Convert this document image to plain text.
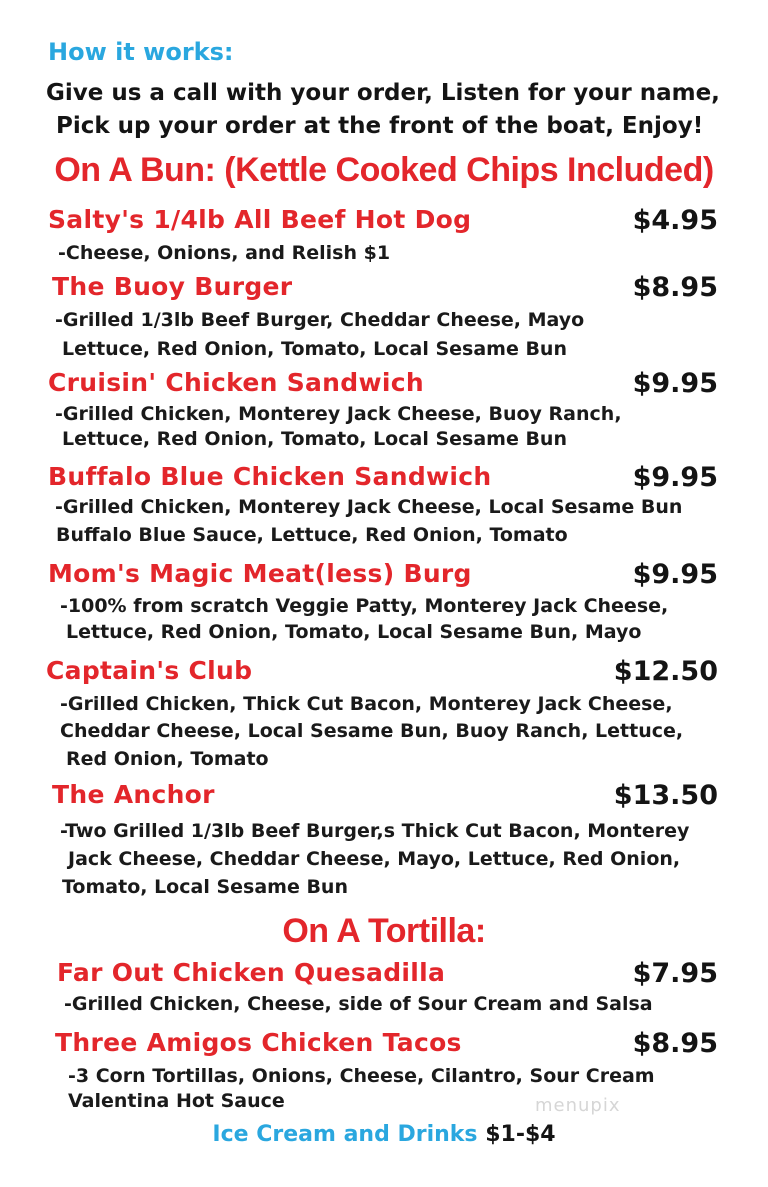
How it works:
Give us a call with your order, Listen for your name,
Pick up your order at the front of the boat, Enjoy!
On A Bun: (Kettle Cooked Chips Included)
Salty's 1/4lb All Beef Hot Dog	$4.95
-Cheese, Onions, and Relish $1
The Buoy Burger	$8.95
-Grilled 1/3lb Beef Burger, Cheddar Cheese, Mayo
Lettuce, Red Onion, Tomato, Local Sesame Bun
Cruisin' Chicken Sandwich	$9.95
-Grilled Chicken, Monterey Jack Cheese, Buoy Ranch,
Lettuce, Red Onion, Tomato, Local Sesame Bun
Buffalo Blue Chicken Sandwich	$9.95
-Grilled Chicken, Monterey Jack Cheese, Local Sesame Bun
Buffalo Blue Sauce, Lettuce, Red Onion, Tomato
Mom's Magic Meat(less) Burg	$9.95
-100% from scratch Veggie Patty, Monterey Jack Cheese,
Lettuce, Red Onion, Tomato, Local Sesame Bun, Mayo
Captain's Club	$12.50
-Grilled Chicken, Thick Cut Bacon, Monterey Jack Cheese,
Cheddar Cheese, Local Sesame Bun, Buoy Ranch, Lettuce,
Red Onion, Tomato
The Anchor	$13.50
-Two Grilled 1/3lb Beef Burger,s Thick Cut Bacon, Monterey
Jack Cheese, Cheddar Cheese, Mayo, Lettuce, Red Onion,
Tomato, Local Sesame Bun
On A Tortilla:
Far Out Chicken Quesadilla	$7.95
-Grilled Chicken, Cheese, side of Sour Cream and Salsa
Three Amigos Chicken Tacos	$8.95
-3 Corn Tortillas, Onions, Cheese, Cilantro, Sour Cream
Valentina Hot Sauce	menupix
Ice Cream and Drinks $1-$4
